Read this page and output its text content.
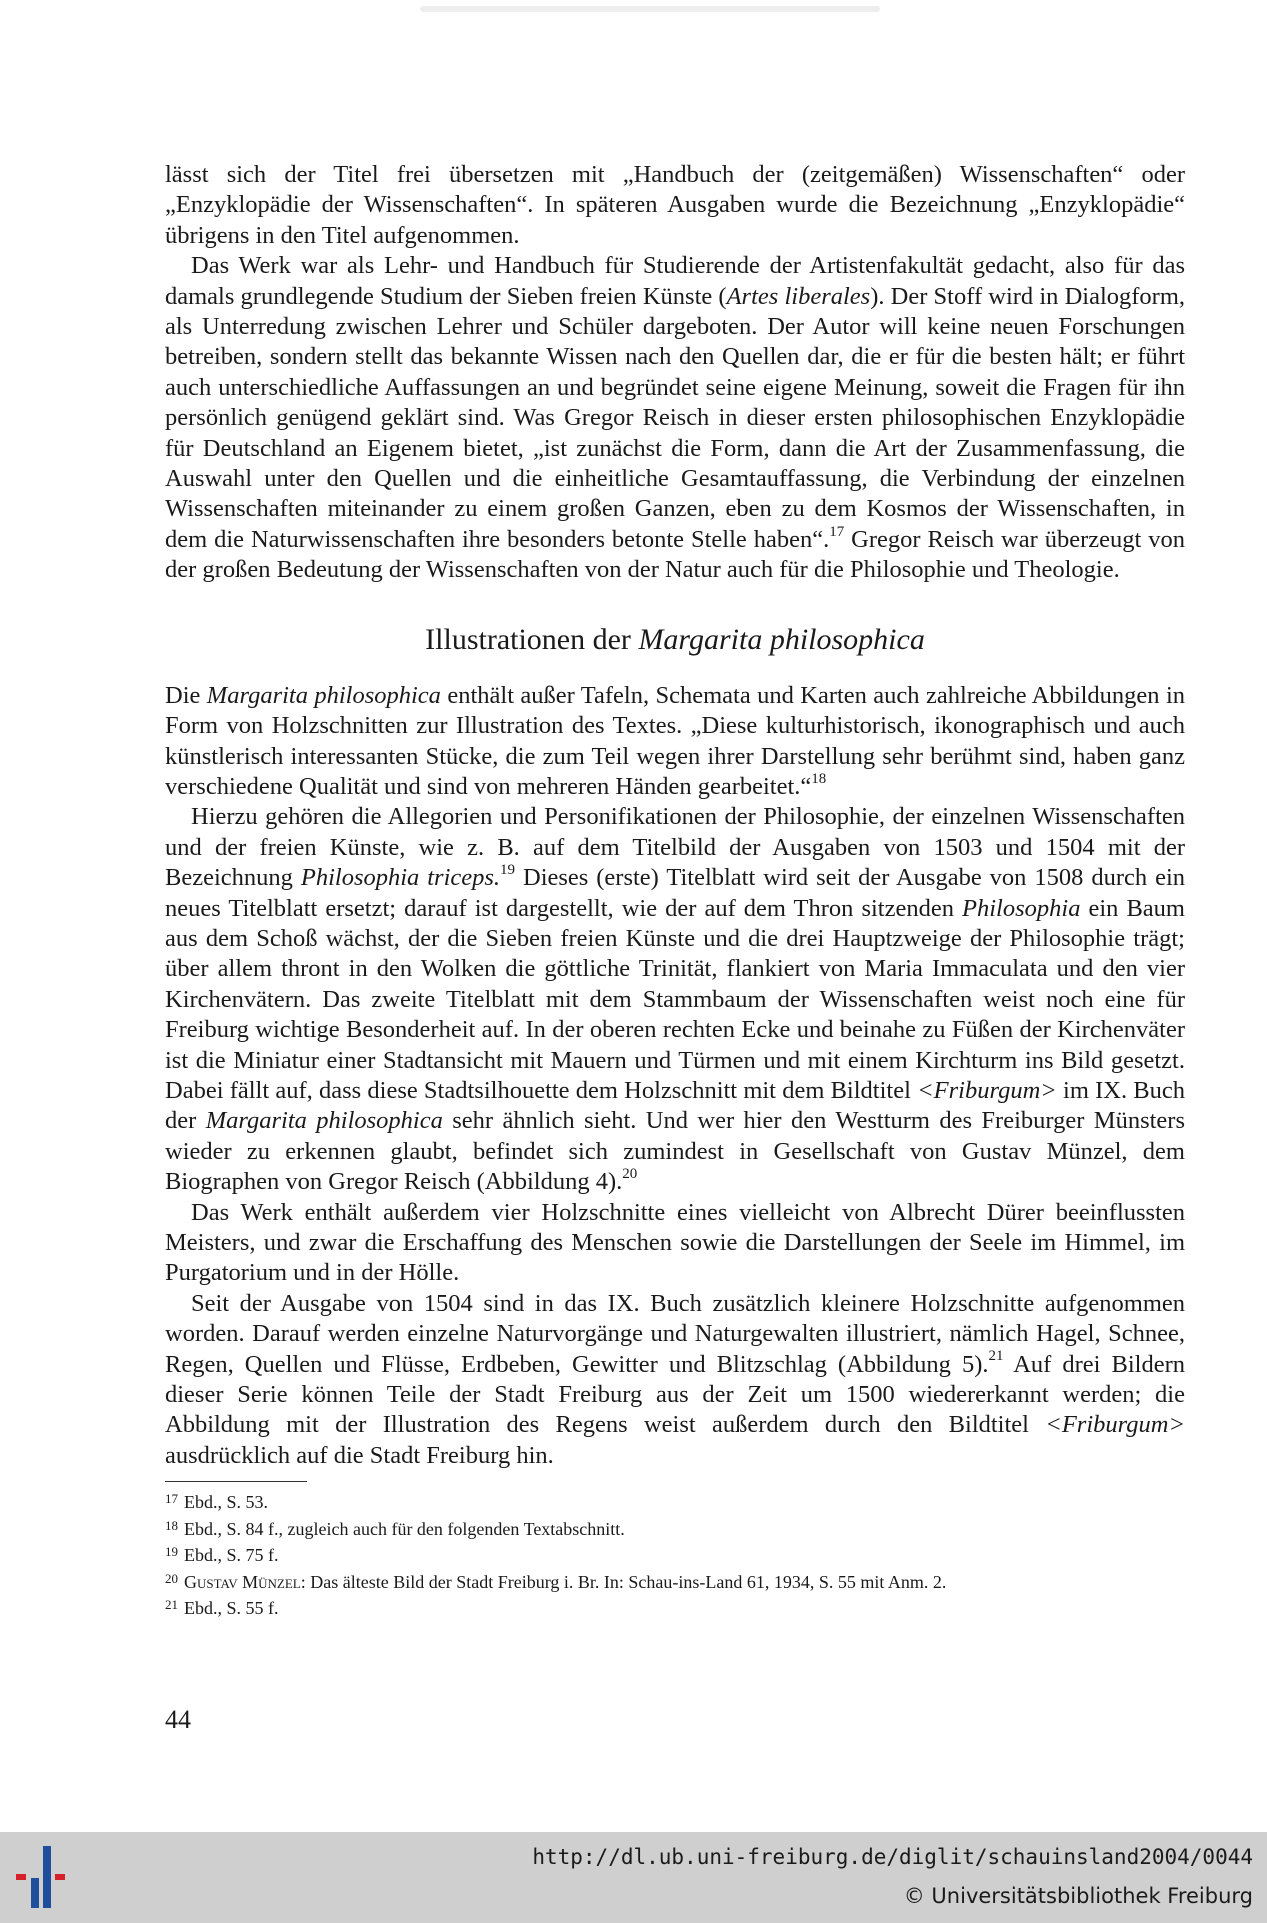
lässt sich der Titel frei übersetzen mit „Handbuch der (zeitgemäßen) Wissenschaften“ oder „Enzyklopädie der Wissenschaften“. In späteren Ausgaben wurde die Bezeichnung „Enzyklopädie“ übrigens in den Titel aufgenommen.

Das Werk war als Lehr- und Handbuch für Studierende der Artistenfakultät gedacht, also für das damals grundlegende Studium der Sieben freien Künste (Artes liberales). Der Stoff wird in Dialogform, als Unterredung zwischen Lehrer und Schüler dargeboten. Der Autor will keine neuen Forschungen betreiben, sondern stellt das bekannte Wissen nach den Quellen dar, die er für die besten hält; er führt auch unterschiedliche Auffassungen an und begründet seine eigene Meinung, soweit die Fragen für ihn persönlich genügend geklärt sind. Was Gregor Reisch in dieser ersten philosophischen Enzyklopädie für Deutschland an Eigenem bietet, „ist zunächst die Form, dann die Art der Zusammenfassung, die Auswahl unter den Quellen und die einheitliche Gesamtauffassung, die Verbindung der einzelnen Wissenschaften miteinander zu einem großen Ganzen, eben zu dem Kosmos der Wissenschaften, in dem die Naturwissenschaften ihre besonders betonte Stelle haben“.$^{17}$ Gregor Reisch war überzeugt von der großen Bedeutung der Wissenschaften von der Natur auch für die Philosophie und Theologie.

Illustrationen der Margarita philosophica

Die Margarita philosophica enthält außer Tafeln, Schemata und Karten auch zahlreiche Abbildungen in Form von Holzschnitten zur Illustration des Textes. „Diese kulturhistorisch, ikonographisch und auch künstlerisch interessanten Stücke, die zum Teil wegen ihrer Darstellung sehr berühmt sind, haben ganz verschiedene Qualität und sind von mehreren Händen gearbeitet.“$^{18}$

Hierzu gehören die Allegorien und Personifikationen der Philosophie, der einzelnen Wissenschaften und der freien Künste, wie z. B. auf dem Titelbild der Ausgaben von 1503 und 1504 mit der Bezeichnung Philosophia triceps.$^{19}$ Dieses (erste) Titelblatt wird seit der Ausgabe von 1508 durch ein neues Titelblatt ersetzt; darauf ist dargestellt, wie der auf dem Thron sitzenden Philosophia ein Baum aus dem Schoß wächst, der die Sieben freien Künste und die drei Hauptzweige der Philosophie trägt; über allem thront in den Wolken die göttliche Trinität, flankiert von Maria Immaculata und den vier Kirchenvätern. Das zweite Titelblatt mit dem Stammbaum der Wissenschaften weist noch eine für Freiburg wichtige Besonderheit auf. In der oberen rechten Ecke und beinahe zu Füßen der Kirchenväter ist die Miniatur einer Stadtansicht mit Mauern und Türmen und mit einem Kirchturm ins Bild gesetzt. Dabei fällt auf, dass diese Stadtsilhouette dem Holzschnitt mit dem Bildtitel <Friburgum> im IX. Buch der Margarita philosophica sehr ähnlich sieht. Und wer hier den Westturm des Freiburger Münsters wieder zu erkennen glaubt, befindet sich zumindest in Gesellschaft von Gustav Münzel, dem Biographen von Gregor Reisch (Abbildung 4).$^{20}$

Das Werk enthält außerdem vier Holzschnitte eines vielleicht von Albrecht Dürer beeinflussten Meisters, und zwar die Erschaffung des Menschen sowie die Darstellungen der Seele im Himmel, im Purgatorium und in der Hölle.

Seit der Ausgabe von 1504 sind in das IX. Buch zusätzlich kleinere Holzschnitte aufgenommen worden. Darauf werden einzelne Naturvorgänge und Naturgewalten illustriert, nämlich Hagel, Schnee, Regen, Quellen und Flüsse, Erdbeben, Gewitter und Blitzschlag (Abbildung 5).$^{21}$ Auf drei Bildern dieser Serie können Teile der Stadt Freiburg aus der Zeit um 1500 wiedererkannt werden; die Abbildung mit der Illustration des Regens weist außerdem durch den Bildtitel <Friburgum> ausdrücklich auf die Stadt Freiburg hin.

$^{17}$ Ebd., S. 53.

$^{18}$ Ebd., S. 84 f., zugleich auch für den folgenden Textabschnitt.

$^{19}$ Ebd., S. 75 f.

$^{20}$ Gustav Münzel: Das älteste Bild der Stadt Freiburg i. Br. In: Schau-ins-Land 61, 1934, S. 55 mit Anm. 2.

$^{21}$ Ebd., S. 55 f.

44
http://dl.ub.uni-freiburg.de/diglit/schauinsland2004/0044
© Universitätsbibliothek Freiburg
